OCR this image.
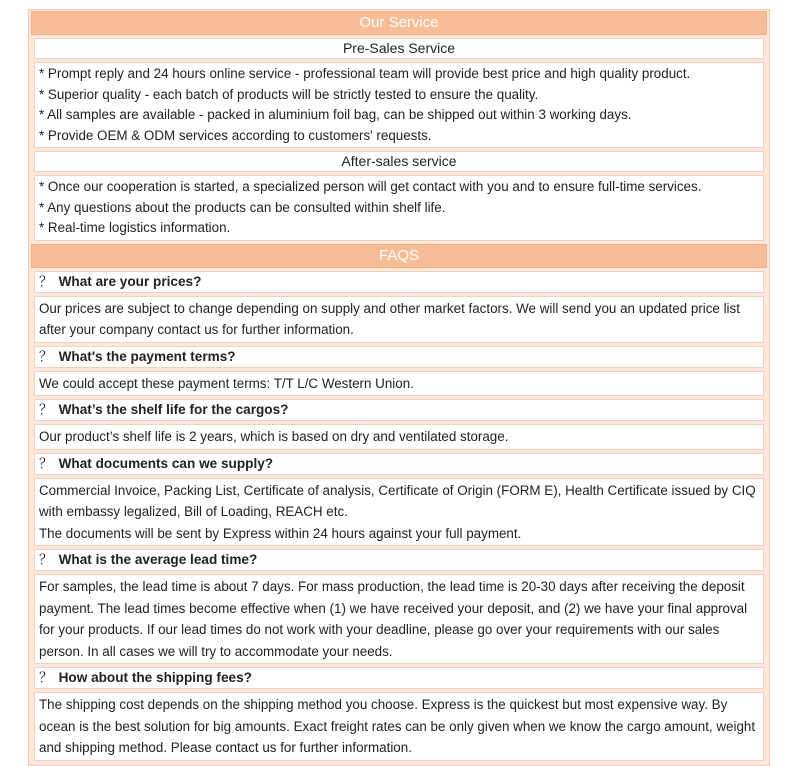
Our Service
Pre-Sales Service
* Prompt reply and 24 hours online service - professional team will provide best price and high quality product.
* Superior quality - each batch of products will be strictly tested to ensure the quality.
* All samples are available - packed in aluminium foil bag, can be shipped out within 3 working days.
* Provide OEM & ODM services according to customers' requests.
After-sales service
* Once our cooperation is started, a specialized person will get contact with you and to ensure full-time services.
* Any questions about the products can be consulted within shelf life.
* Real-time logistics information.
FAQS
？ What are your prices?
Our prices are subject to change depending on supply and other market factors. We will send you an updated price list after your company contact us for further information.
？ What's the payment terms?
We could accept these payment terms: T/T L/C Western Union.
？ What’s the shelf life for the cargos?
Our product’s shelf life is 2 years, which is based on dry and ventilated storage.
？ What documents can we supply?
Commercial Invoice, Packing List, Certificate of analysis, Certificate of Origin (FORM E), Health Certificate issued by CIQ with embassy legalized, Bill of Loading, REACH etc.
The documents will be sent by Express within 24 hours against your full payment.
？ What is the average lead time?
For samples, the lead time is about 7 days. For mass production, the lead time is 20-30 days after receiving the deposit payment. The lead times become effective when (1) we have received your deposit, and (2) we have your final approval for your products. If our lead times do not work with your deadline, please go over your requirements with our sales person. In all cases we will try to accommodate your needs.
？ How about the shipping fees?
The shipping cost depends on the shipping method you choose. Express is the quickest but most expensive way. By ocean is the best solution for big amounts. Exact freight rates can be only given when we know the cargo amount, weight and shipping method. Please contact us for further information.
